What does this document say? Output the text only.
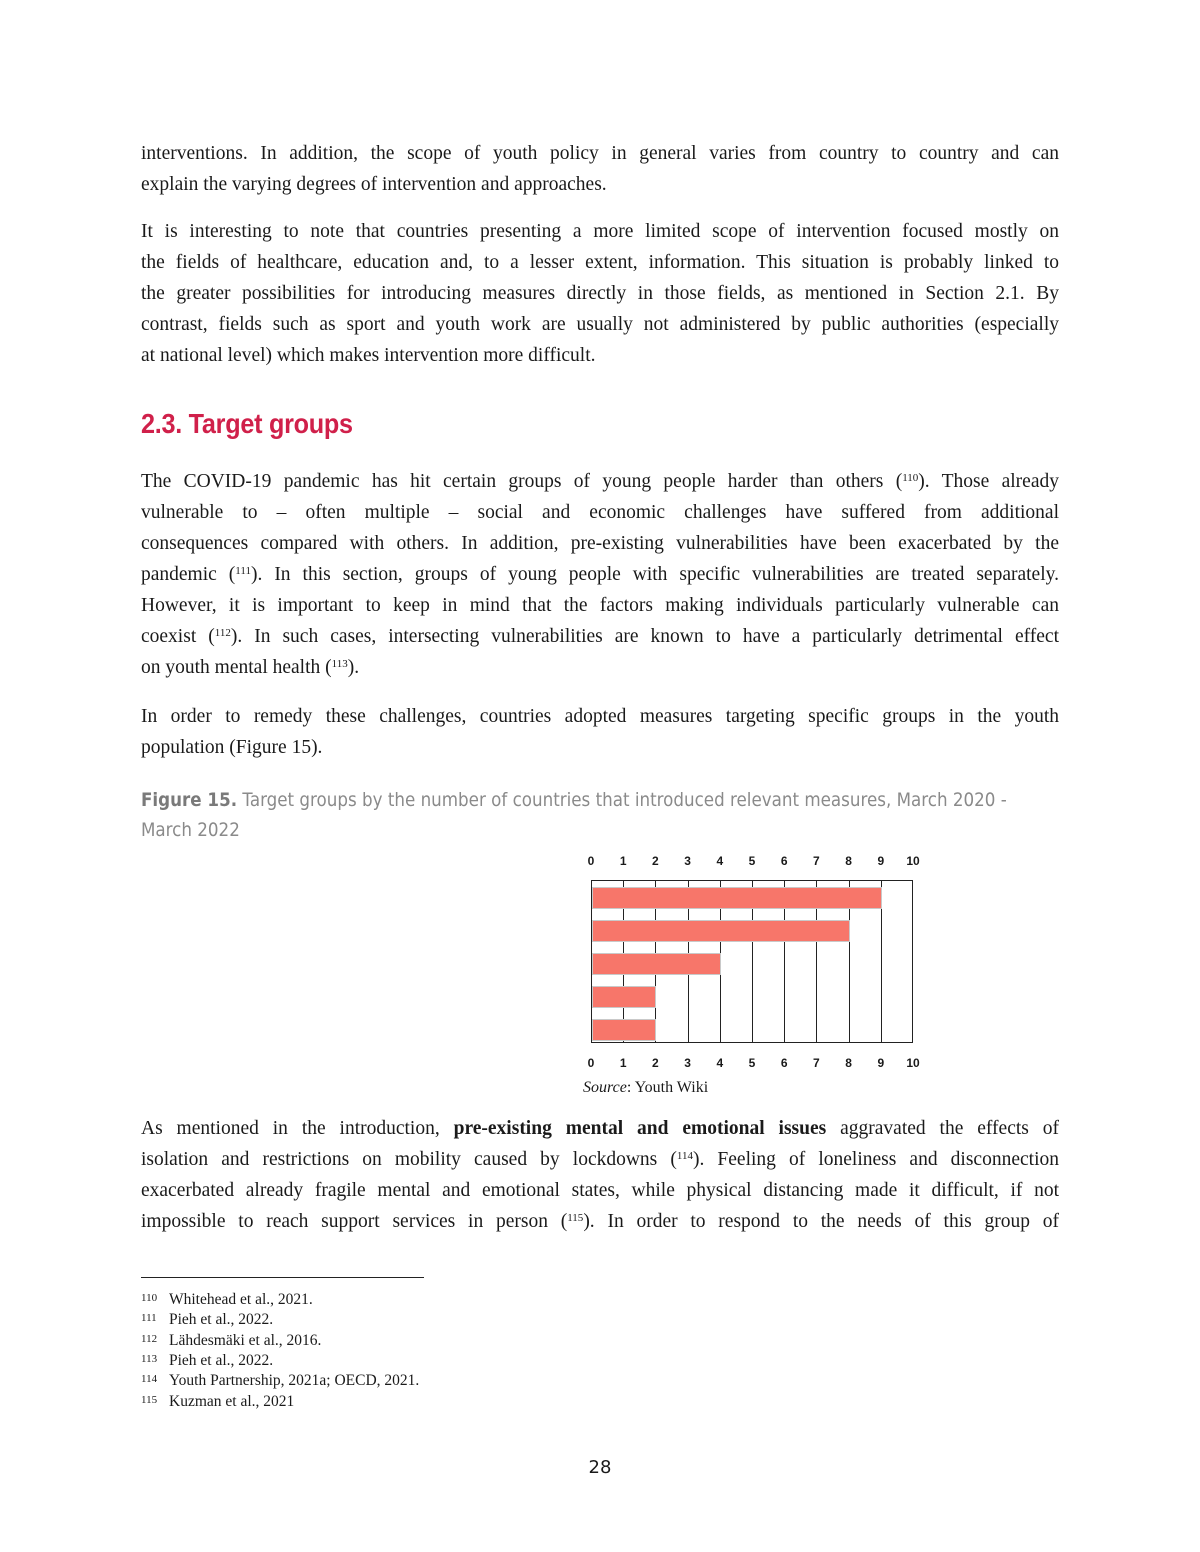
interventions. In addition, the scope of youth policy in general varies from country to country and can
explain the varying degrees of intervention and approaches.
It is interesting to note that countries presenting a more limited scope of intervention focused mostly on
the fields of healthcare, education and, to a lesser extent, information. This situation is probably linked to
the greater possibilities for introducing measures directly in those fields, as mentioned in Section 2.1. By
contrast, fields such as sport and youth work are usually not administered by public authorities (especially
at national level) which makes intervention more difficult.
2.3. Target groups
The COVID-19 pandemic has hit certain groups of young people harder than others ($^{110}$). Those already
vulnerable to – often multiple – social and economic challenges have suffered from additional
consequences compared with others. In addition, pre-existing vulnerabilities have been exacerbated by the
pandemic ($^{111}$). In this section, groups of young people with specific vulnerabilities are treated separately.
However, it is important to keep in mind that the factors making individuals particularly vulnerable can
coexist ($^{112}$). In such cases, intersecting vulnerabilities are known to have a particularly detrimental effect
on youth mental health ($^{113}$).
In order to remedy these challenges, countries adopted measures targeting specific groups in the youth
population (Figure 15).
Figure 15. Target groups by the number of countries that introduced relevant measures, March 2020 -
March 2022
0	1	2	3	4	5	6	7	8	9	10
0	1	2	3	4	5	6	7	8	9	10
Source: Youth Wiki
As mentioned in the introduction, pre-existing mental and emotional issues aggravated the effects of
isolation and restrictions on mobility caused by lockdowns ($^{114}$). Feeling of loneliness and disconnection
exacerbated already fragile mental and emotional states, while physical distancing made it difficult, if not
impossible to reach support services in person ($^{115}$). In order to respond to the needs of this group of
110 Whitehead et al., 2021.
111 Pieh et al., 2022.
112 Lähdesmäki et al., 2016.
113 Pieh et al., 2022.
114 Youth Partnership, 2021a; OECD, 2021.
115 Kuzman et al., 2021
28
